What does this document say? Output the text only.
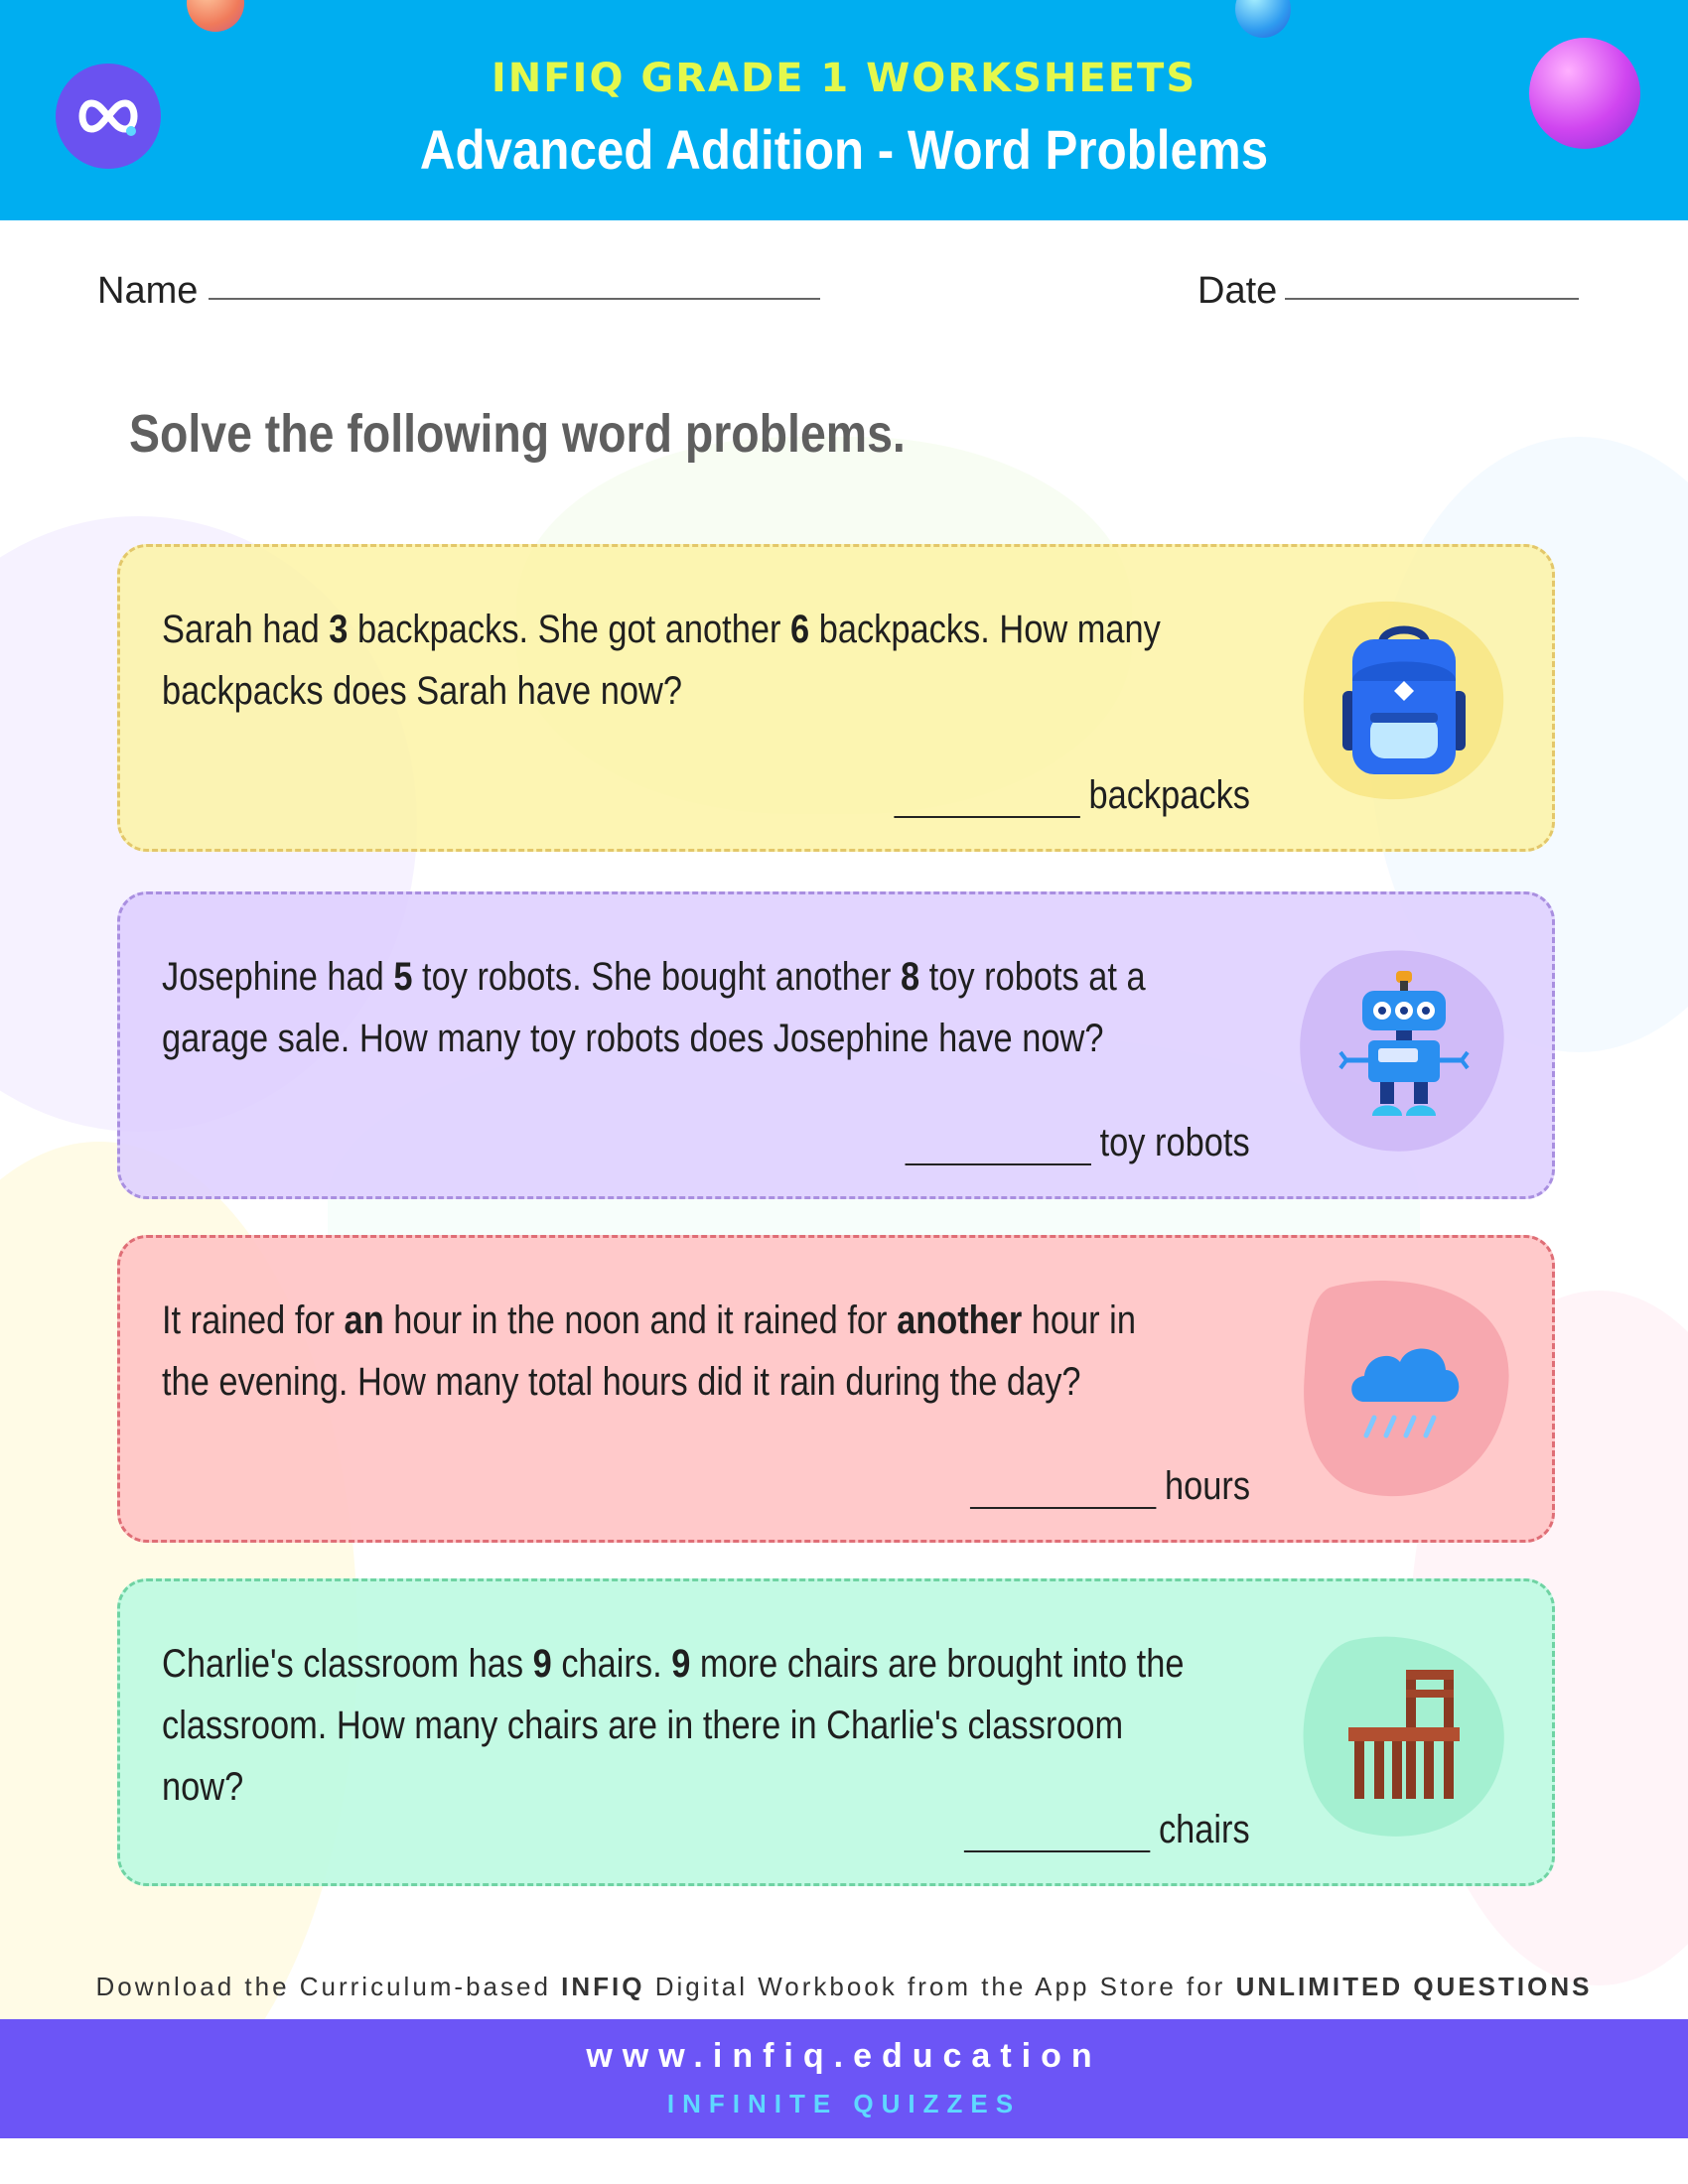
INFIQ GRADE 1 WORKSHEETS
Advanced Addition - Word Problems
Name	Date
Solve the following word problems.
Sarah had 3 backpacks. She got another 6 backpacks. How many backpacks does Sarah have now?
backpacks
Josephine had 5 toy robots. She bought another 8 toy robots at a garage sale. How many toy robots does Josephine have now?
toy robots
It rained for an hour in the noon and it rained for another hour in the evening. How many total hours did it rain during the day?
hours
Charlie's classroom has 9 chairs. 9 more chairs are brought into the classroom. How many chairs are in there in Charlie's classroom now?
chairs
Download the Curriculum-based INFIQ Digital Workbook from the App Store for UNLIMITED QUESTIONS
www.infiq.education
INFINITE QUIZZES
